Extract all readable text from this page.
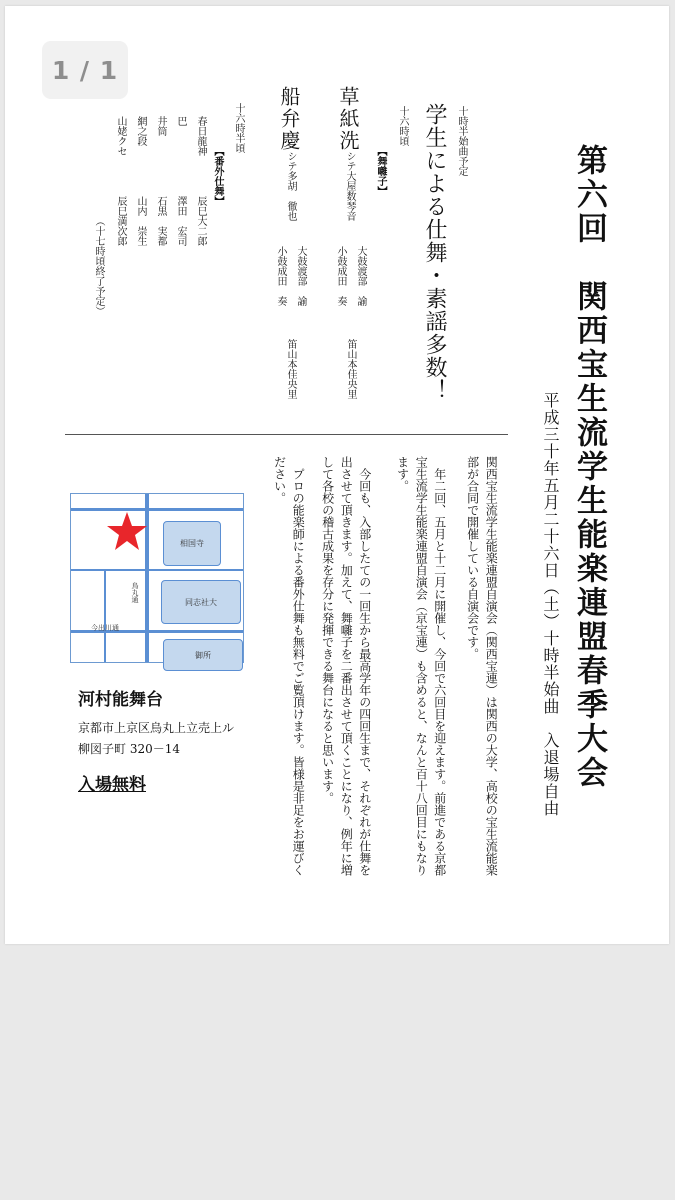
1 / 1
第六回　関西宝生流学生能楽連盟春季大会
平成三十年五月二十六日（土）十時半始曲　入退場自由
十時半始曲予定
学生による仕舞・素謡多数！
十六時頃
【舞囃子】
草紙洗
シテ大屋数琴音
大鼓渡部　諭
小鼓成田　奏
笛山本佳央里
船弁慶
シテ多胡　徹也
大鼓渡部　諭
小鼓成田　奏
笛山本佳央里
十六時半頃
【番外仕舞】
春日龍神
辰巳大二郎
巴
澤田　宏司
井筒
石黒　実都
網之段
山内　崇生
山姥クセ
辰巳満次郎
（十七時頃終了予定）
関西宝生流学生能楽連盟自演会（関西宝連）は関西の大学、高校の宝生流能楽部が合同で開催している自演会です。
年二回、五月と十二月に開催し、今回で六回目を迎えます。前進である京都宝生流学生能楽連盟自演会（京宝連）も含めると、なんと百十八回目にもなります。
今回も、入部したての一回生から最高学年の四回生まで、それぞれが仕舞を出させて頂きます。加えて、舞囃子を二番出させて頂くことになり、例年に増して各校の稽古成果を存分に発揮できる舞台になると思います。
プロの能楽師による番外仕舞も無料でご覧頂けます。皆様是非足をお運びください。
相国寺
同志社大
御所
烏丸通
今出川通
河村能舞台
京都市上京区烏丸上立売上ル
柳図子町 320－14
入場無料
